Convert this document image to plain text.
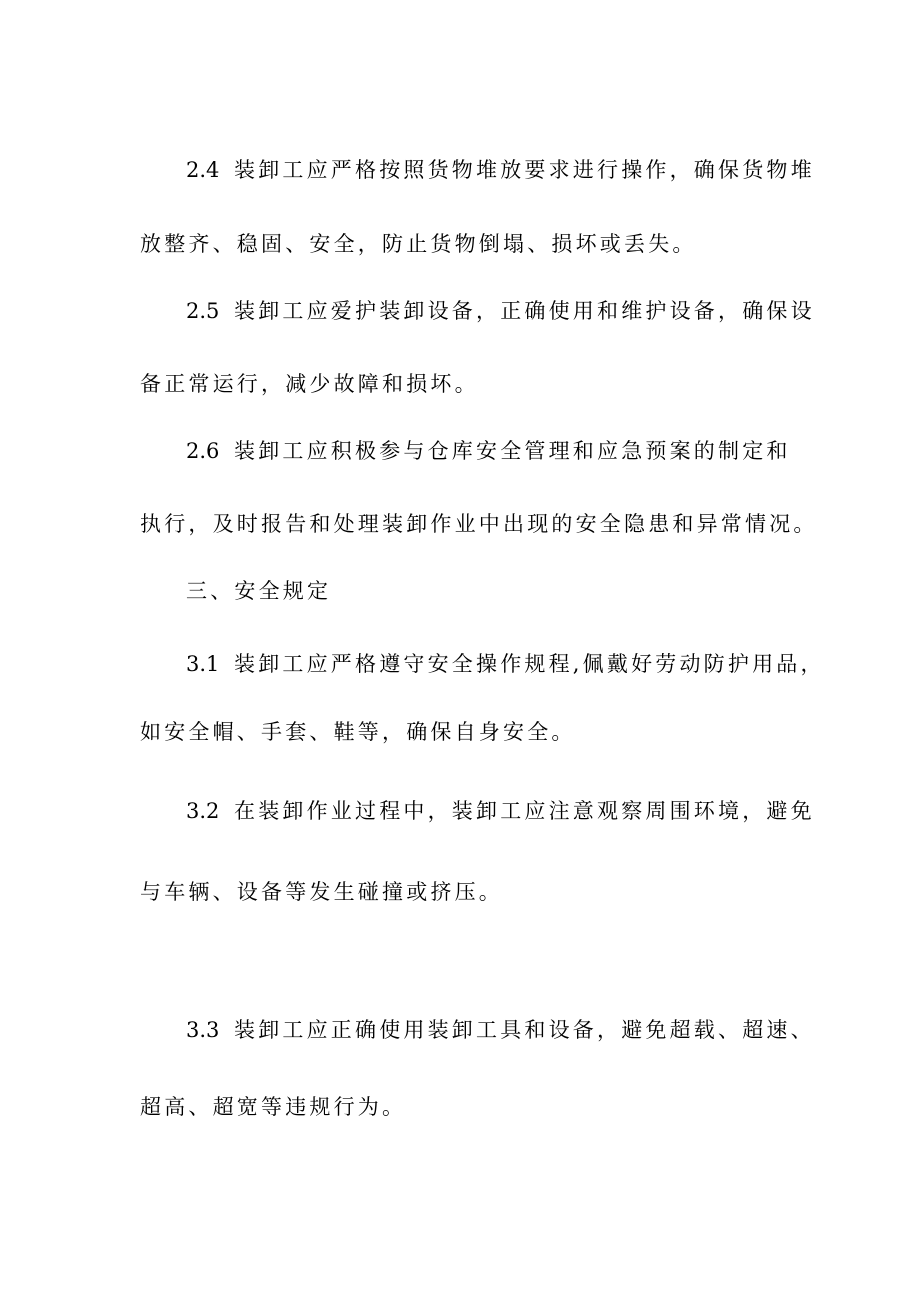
2.4 装卸工应严格按照货物堆放要求进行操作，确保货物堆
放整齐、稳固、安全，防止货物倒塌、损坏或丢失。
2.5 装卸工应爱护装卸设备，正确使用和维护设备，确保设
备正常运行，减少故障和损坏。
2.6 装卸工应积极参与仓库安全管理和应急预案的制定和
执行，及时报告和处理装卸作业中出现的安全隐患和异常情况。
三、安全规定
3.1 装卸工应严格遵守安全操作规程,佩戴好劳动防护用品，
如安全帽、手套、鞋等，确保自身安全。
3.2 在装卸作业过程中，装卸工应注意观察周围环境，避免
与车辆、设备等发生碰撞或挤压。
3.3 装卸工应正确使用装卸工具和设备，避免超载、超速、
超高、超宽等违规行为。
